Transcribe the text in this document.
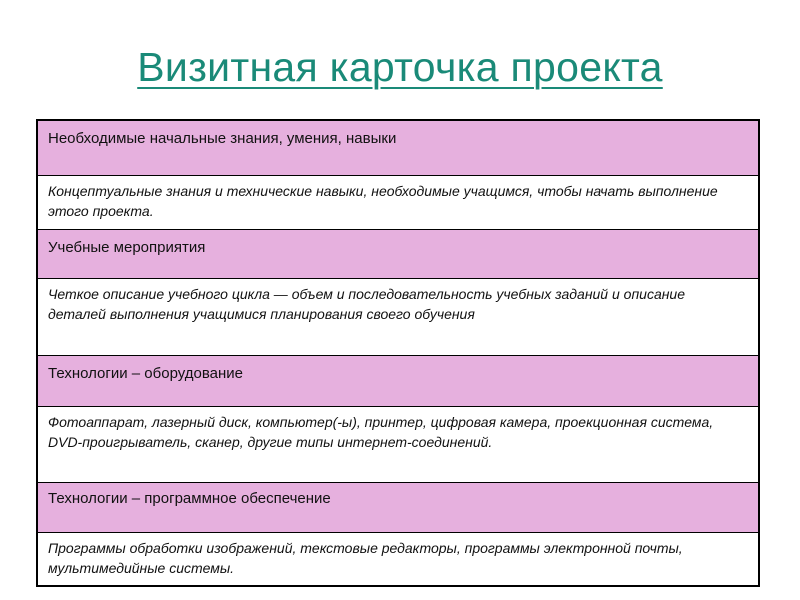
Визитная карточка проекта
Необходимые начальные знания, умения, навыки
Концептуальные знания и технические навыки, необходимые учащимся, чтобы начать выполнение этого проекта.
Учебные мероприятия
Четкое описание учебного цикла — объем и последовательность учебных заданий и описание деталей выполнения учащимися планирования своего обучения
Технологии – оборудование
Фотоаппарат, лазерный диск, компьютер(-ы), принтер, цифровая камера, проекционная система, DVD-проигрыватель, сканер, другие типы интернет-соединений.
Технологии – программное обеспечение
Программы обработки изображений, текстовые редакторы, программы электронной почты, мультимедийные системы.
